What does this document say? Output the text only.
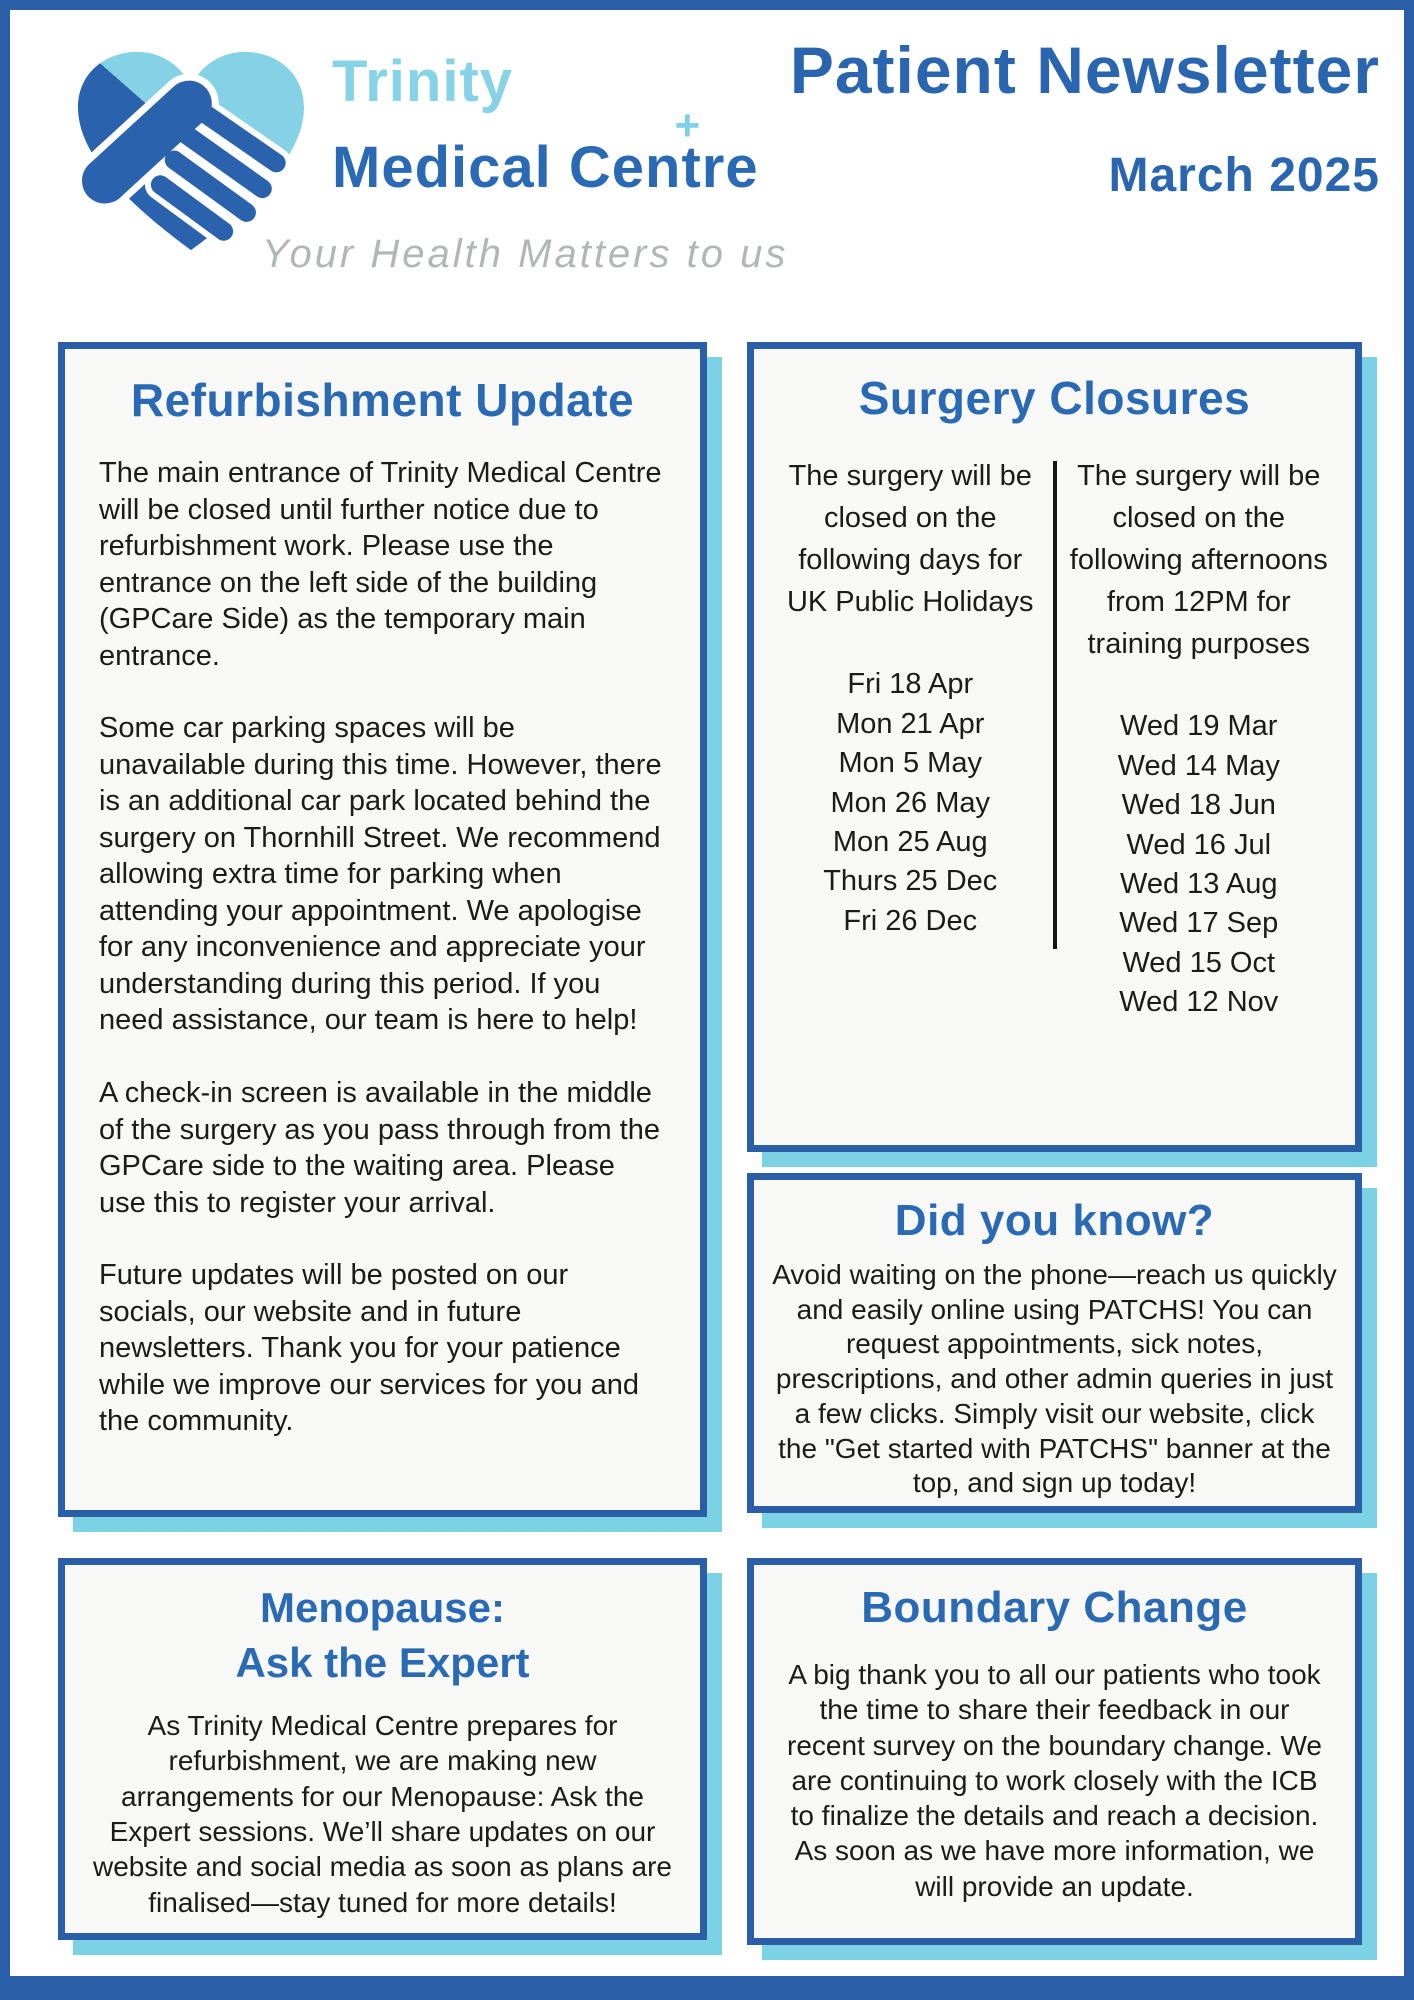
Trinity
Medical Cent
+
re
Patient Newsletter
March 2025
Your Health Matters to us
Refurbishment Update

The main entrance of Trinity Medical Centre will be closed until further notice due to refurbishment work. Please use the entrance on the left side of the building (GPCare Side) as the temporary main entrance.

Some car parking spaces will be unavailable during this time. However, there is an additional car park located behind the surgery on Thornhill Street. We recommend allowing extra time for parking when attending your appointment. We apologise for any inconvenience and appreciate your understanding during this period. If you need assistance, our team is here to help!

A check-in screen is available in the middle of the surgery as you pass through from the GPCare side to the waiting area. Please use this to register your arrival.

Future updates will be posted on our socials, our website and in future newsletters. Thank you for your patience while we improve our services for you and the community.

Surgery Closures

The surgery will be closed on the following days for UK Public Holidays

Fri 18 Apr
Mon 21 Apr
Mon 5 May
Mon 26 May
Mon 25 Aug
Thurs 25 Dec
Fri 26 Dec

The surgery will be closed on the following afternoons from 12PM for training purposes

Wed 19 Mar
Wed 14 May
Wed 18 Jun
Wed 16 Jul
Wed 13 Aug
Wed 17 Sep
Wed 15 Oct
Wed 12 Nov
Did you know?

Avoid waiting on the phone—reach us quickly and easily online using PATCHS! You can request appointments, sick notes, prescriptions, and other admin queries in just a few clicks. Simply visit our website, click the "Get started with PATCHS" banner at the top, and sign up today!

Menopause:
Ask the Expert

As Trinity Medical Centre prepares for refurbishment, we are making new arrangements for our Menopause: Ask the Expert sessions. We’ll share updates on our website and social media as soon as plans are finalised—stay tuned for more details!

Boundary Change

A big thank you to all our patients who took the time to share their feedback in our recent survey on the boundary change. We are continuing to work closely with the ICB to finalize the details and reach a decision. As soon as we have more information, we will provide an update.
